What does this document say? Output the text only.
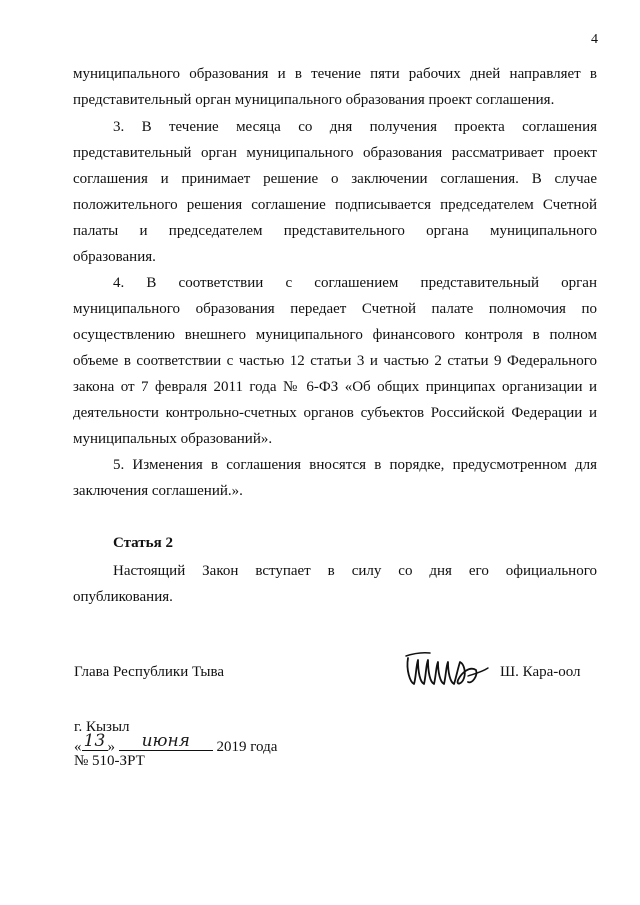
4
муниципального образования и в течение пяти рабочих дней направляет в
представительный орган муниципального образования проект соглашения.
3. В течение месяца со дня получения проекта соглашения
представительный орган муниципального образования рассматривает проект
соглашения и принимает решение о заключении соглашения. В случае
положительного решения соглашение подписывается председателем Счетной
палаты и председателем представительного органа муниципального
образования.
4. В соответствии с соглашением представительный орган
муниципального образования передает Счетной палате полномочия по
осуществлению внешнего муниципального финансового контроля в полном
объеме в соответствии с частью 12 статьи 3 и частью 2 статьи 9 Федерального
закона от 7 февраля 2011 года № 6-ФЗ «Об общих принципах организации и
деятельности контрольно-счетных органов субъектов Российской Федерации и
муниципальных образований».
5. Изменения в соглашения вносятся в порядке, предусмотренном для
заключения соглашений.».
Статья 2
Настоящий Закон вступает в силу со дня его официального
опубликования.
Глава Республики Тыва	Ш. Кара-оол
г. Кызыл
« 13 »	июня	2019 года
№ 510-ЗРТ
